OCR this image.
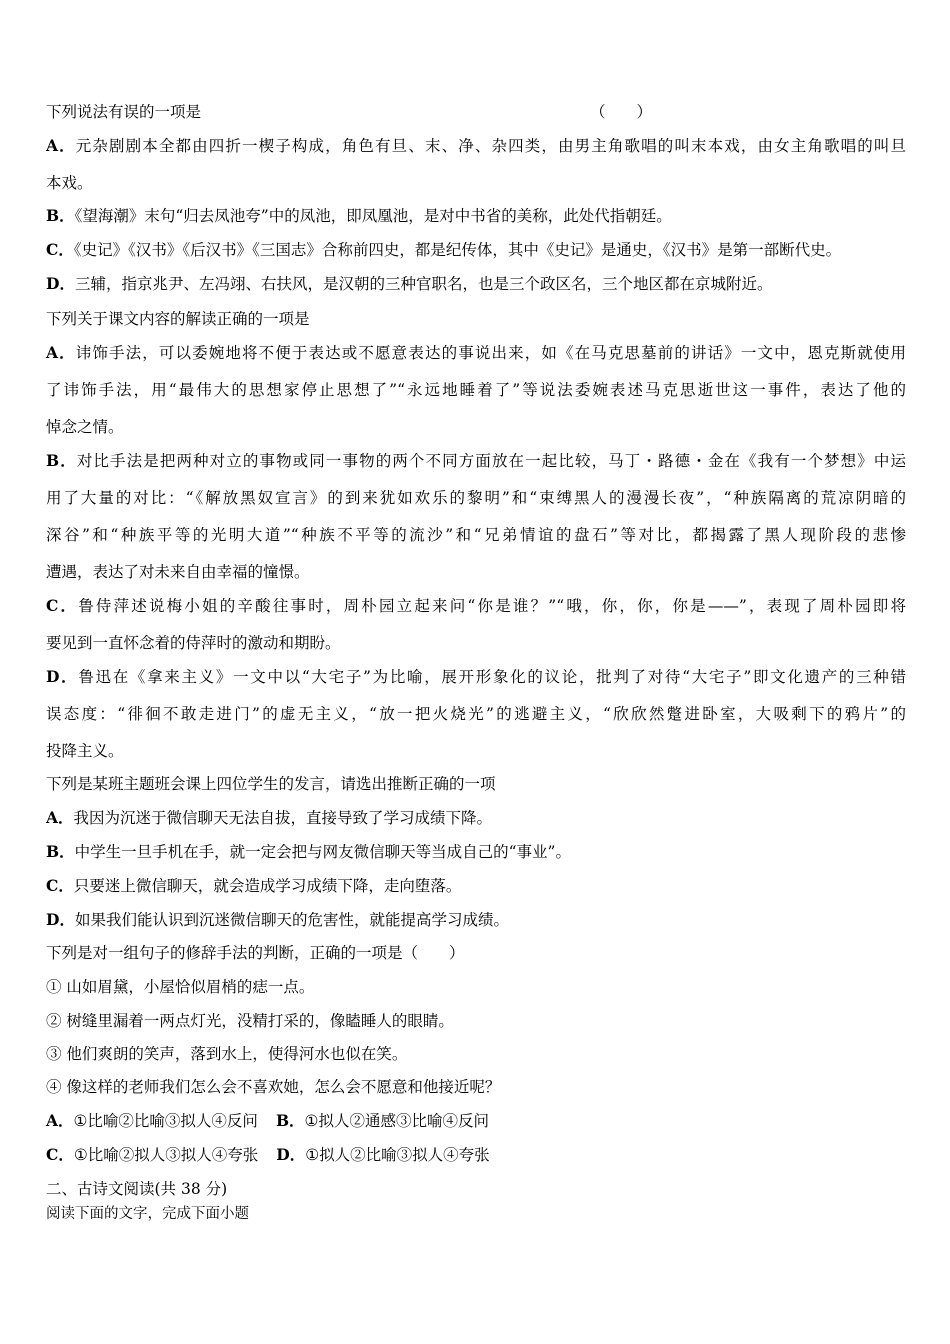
下列说法有误的一项是	（　　）
A．元杂剧剧本全都由四折一楔子构成，角色有旦、末、净、杂四类，由男主角歌唱的叫末本戏，由女主角歌唱的叫旦
本戏。
B．《望海潮》末句“归去凤池夸”中的凤池，即凤凰池，是对中书省的美称，此处代指朝廷。
C．《史记》《汉书》《后汉书》《三国志》合称前四史，都是纪传体，其中《史记》是通史，《汉书》是第一部断代史。
D．三辅，指京兆尹、左冯翊、右扶风，是汉朝的三种官职名，也是三个政区名，三个地区都在京城附近。
下列关于课文内容的解读正确的一项是
A．讳饰手法，可以委婉地将不便于表达或不愿意表达的事说出来，如《在马克思墓前的讲话》一文中，恩克斯就使用
了讳饰手法，用“最伟大的思想家停止思想了”“永远地睡着了”等说法委婉表述马克思逝世这一事件，表达了他的
悼念之情。
B．对比手法是把两种对立的事物或同一事物的两个不同方面放在一起比较，马丁・路德・金在《我有一个梦想》中运
用了大量的对比：“《解放黑奴宣言》的到来犹如欢乐的黎明”和“束缚黑人的漫漫长夜”，“种族隔离的荒凉阴暗的
深谷”和“种族平等的光明大道”“种族不平等的流沙”和“兄弟情谊的盘石”等对比，都揭露了黑人现阶段的悲惨
遭遇，表达了对未来自由幸福的憧憬。
C．鲁侍萍述说梅小姐的辛酸往事时，周朴园立起来问“你是谁？”“哦，你，你，你是——”，表现了周朴园即将
要见到一直怀念着的侍萍时的激动和期盼。
D．鲁迅在《拿来主义》一文中以“大宅子”为比喻，展开形象化的议论，批判了对待“大宅子”即文化遗产的三种错
误态度：“徘徊不敢走进门”的虚无主义，“放一把火烧光”的逃避主义，“欣欣然蹩进卧室，大吸剩下的鸦片”的
投降主义。
下列是某班主题班会课上四位学生的发言，请选出推断正确的一项
A．我因为沉迷于微信聊天无法自拔，直接导致了学习成绩下降。
B．中学生一旦手机在手，就一定会把与网友微信聊天等当成自己的“事业”。
C．只要迷上微信聊天，就会造成学习成绩下降，走向堕落。
D．如果我们能认识到沉迷微信聊天的危害性，就能提高学习成绩。
下列是对一组句子的修辞手法的判断，正确的一项是（　　）
① 山如眉黛，小屋恰似眉梢的痣一点。
② 树缝里漏着一两点灯光，没精打采的，像瞌睡人的眼睛。
③ 他们爽朗的笑声，落到水上，使得河水也似在笑。
④ 像这样的老师我们怎么会不喜欢她，怎么会不愿意和他接近呢？
A．①比喻②比喻③拟人④反问 B．①拟人②通感③比喻④反问
C．①比喻②拟人③拟人④夸张 D．①拟人②比喻③拟人④夸张
二、古诗文阅读(共 38 分)
阅读下面的文字，完成下面小题
